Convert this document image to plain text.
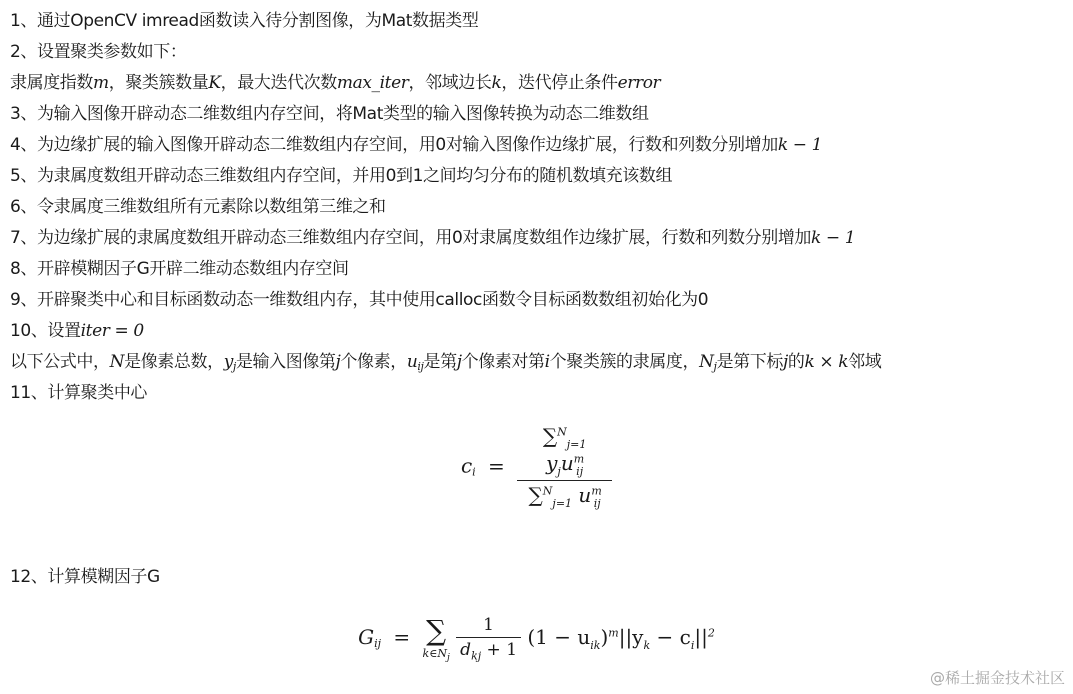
1、通过OpenCV imread函数读入待分割图像，为Mat数据类型
2、设置聚类参数如下：
隶属度指数m，聚类簇数量K，最大迭代次数max_iter，邻域边长k，迭代停止条件error
3、为输入图像开辟动态二维数组内存空间，将Mat类型的输入图像转换为动态二维数组
4、为边缘扩展的输入图像开辟动态二维数组内存空间，用0对输入图像作边缘扩展，行数和列数分别增加k − 1
5、为隶属度数组开辟动态三维数组内存空间，并用0到1之间均匀分布的随机数填充该数组
6、令隶属度三维数组所有元素除以数组第三维之和
7、为边缘扩展的隶属度数组开辟动态三维数组内存空间，用0对隶属度数组作边缘扩展，行数和列数分别增加k − 1
8、开辟模糊因子G开辟二维动态数组内存空间
9、开辟聚类中心和目标函数动态一维数组内存，其中使用calloc函数令目标函数数组初始化为0
10、设置iter = 0
以下公式中，N是像素总数，$y_j$是输入图像第j个像素，$u_{ij}$是第j个像素对第i个聚类簇的隶属度，$N_j$是第下标j的k × k邻域
11、计算聚类中心
$c_i = \frac{\sum^N_{j=1} y_ju^m_{ij}}{\sum^N_{j=1} u^m_{ij}}$
12、计算模糊因子G
$G_{ij}$ = ∑
$k\in N_j$
$\frac{1}{d_{kj} + 1} (1 - u_{ik})^m||y_k - c_i||^2$
@稀土掘金技术社区
